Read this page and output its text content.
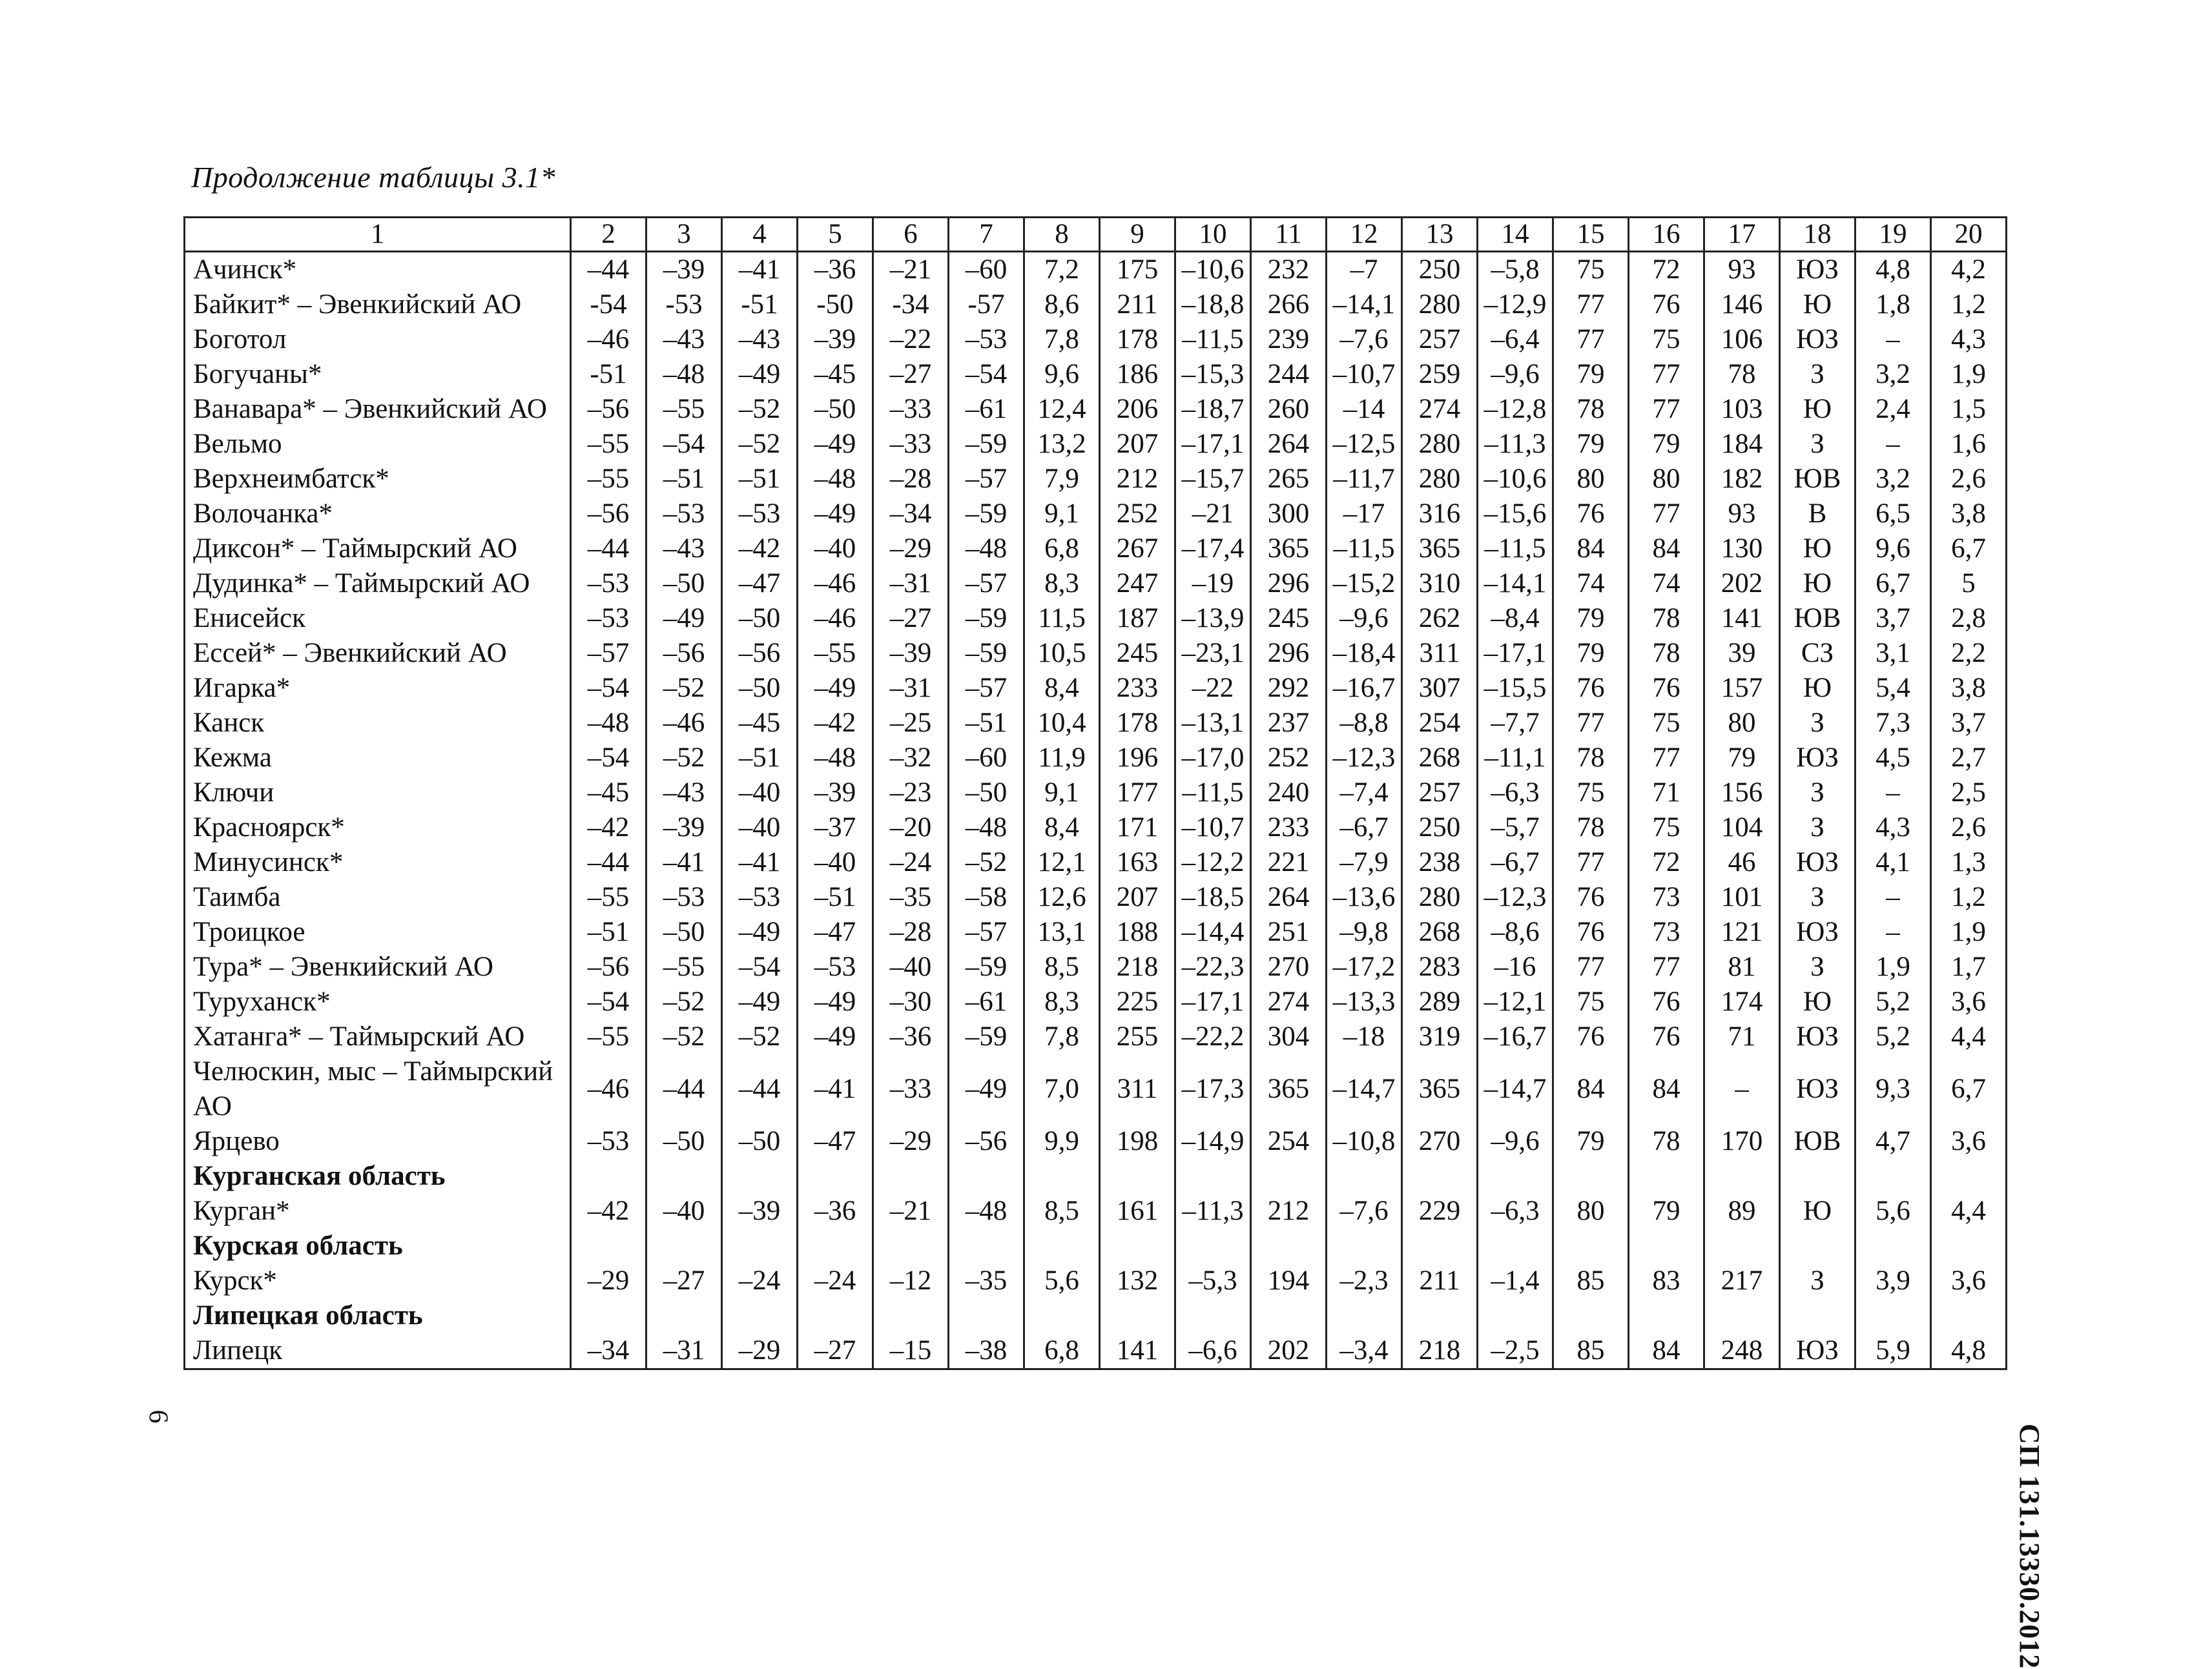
Продолжение таблицы 3.1*
1	2	3	4	5	6	7	8	9	10	11	12	13	14	15	16	17	18	19	20
Ачинск*	–44	–39	–41	–36	–21	–60	7,2	175	–10,6	232	–7	250	–5,8	75	72	93	ЮЗ	4,8	4,2
Байкит* – Эвенкийский АО	-54	-53	-51	-50	-34	-57	8,6	211	–18,8	266	–14,1	280	–12,9	77	76	146	Ю	1,8	1,2
Боготол	–46	–43	–43	–39	–22	–53	7,8	178	–11,5	239	–7,6	257	–6,4	77	75	106	ЮЗ	–	4,3
Богучаны*	-51	–48	–49	–45	–27	–54	9,6	186	–15,3	244	–10,7	259	–9,6	79	77	78	З	3,2	1,9
Ванавара* – Эвенкийский АО	–56	–55	–52	–50	–33	–61	12,4	206	–18,7	260	–14	274	–12,8	78	77	103	Ю	2,4	1,5
Вельмо	–55	–54	–52	–49	–33	–59	13,2	207	–17,1	264	–12,5	280	–11,3	79	79	184	З	–	1,6
Верхнеимбатск*	–55	–51	–51	–48	–28	–57	7,9	212	–15,7	265	–11,7	280	–10,6	80	80	182	ЮВ	3,2	2,6
Волочанка*	–56	–53	–53	–49	–34	–59	9,1	252	–21	300	–17	316	–15,6	76	77	93	В	6,5	3,8
Диксон* – Таймырский АО	–44	–43	–42	–40	–29	–48	6,8	267	–17,4	365	–11,5	365	–11,5	84	84	130	Ю	9,6	6,7
Дудинка* – Таймырский АО	–53	–50	–47	–46	–31	–57	8,3	247	–19	296	–15,2	310	–14,1	74	74	202	Ю	6,7	5
Енисейск	–53	–49	–50	–46	–27	–59	11,5	187	–13,9	245	–9,6	262	–8,4	79	78	141	ЮВ	3,7	2,8
Ессей* – Эвенкийский АО	–57	–56	–56	–55	–39	–59	10,5	245	–23,1	296	–18,4	311	–17,1	79	78	39	СЗ	3,1	2,2
Игарка*	–54	–52	–50	–49	–31	–57	8,4	233	–22	292	–16,7	307	–15,5	76	76	157	Ю	5,4	3,8
Канск	–48	–46	–45	–42	–25	–51	10,4	178	–13,1	237	–8,8	254	–7,7	77	75	80	З	7,3	3,7
Кежма	–54	–52	–51	–48	–32	–60	11,9	196	–17,0	252	–12,3	268	–11,1	78	77	79	ЮЗ	4,5	2,7
Ключи	–45	–43	–40	–39	–23	–50	9,1	177	–11,5	240	–7,4	257	–6,3	75	71	156	З	–	2,5
Красноярск*	–42	–39	–40	–37	–20	–48	8,4	171	–10,7	233	–6,7	250	–5,7	78	75	104	З	4,3	2,6
Минусинск*	–44	–41	–41	–40	–24	–52	12,1	163	–12,2	221	–7,9	238	–6,7	77	72	46	ЮЗ	4,1	1,3
Таимба	–55	–53	–53	–51	–35	–58	12,6	207	–18,5	264	–13,6	280	–12,3	76	73	101	З	–	1,2
Троицкое	–51	–50	–49	–47	–28	–57	13,1	188	–14,4	251	–9,8	268	–8,6	76	73	121	ЮЗ	–	1,9
Тура* – Эвенкийский АО	–56	–55	–54	–53	–40	–59	8,5	218	–22,3	270	–17,2	283	–16	77	77	81	З	1,9	1,7
Туруханск*	–54	–52	–49	–49	–30	–61	8,3	225	–17,1	274	–13,3	289	–12,1	75	76	174	Ю	5,2	3,6
Хатанга* – Таймырский АО	–55	–52	–52	–49	–36	–59	7,8	255	–22,2	304	–18	319	–16,7	76	76	71	ЮЗ	5,2	4,4
Челюскин, мыс – Таймырский АО	–46	–44	–44	–41	–33	–49	7,0	311	–17,3	365	–14,7	365	–14,7	84	84	–	ЮЗ	9,3	6,7
Ярцево	–53	–50	–50	–47	–29	–56	9,9	198	–14,9	254	–10,8	270	–9,6	79	78	170	ЮВ	4,7	3,6
Курганская область																			
Курган*	–42	–40	–39	–36	–21	–48	8,5	161	–11,3	212	–7,6	229	–6,3	80	79	89	Ю	5,6	4,4
Курская область																			
Курск*	–29	–27	–24	–24	–12	–35	5,6	132	–5,3	194	–2,3	211	–1,4	85	83	217	З	3,9	3,6
Липецкая область																			
Липецк	–34	–31	–29	–27	–15	–38	6,8	141	–6,6	202	–3,4	218	–2,5	85	84	248	ЮЗ	5,9	4,8
6
СП 131.13330.2012
